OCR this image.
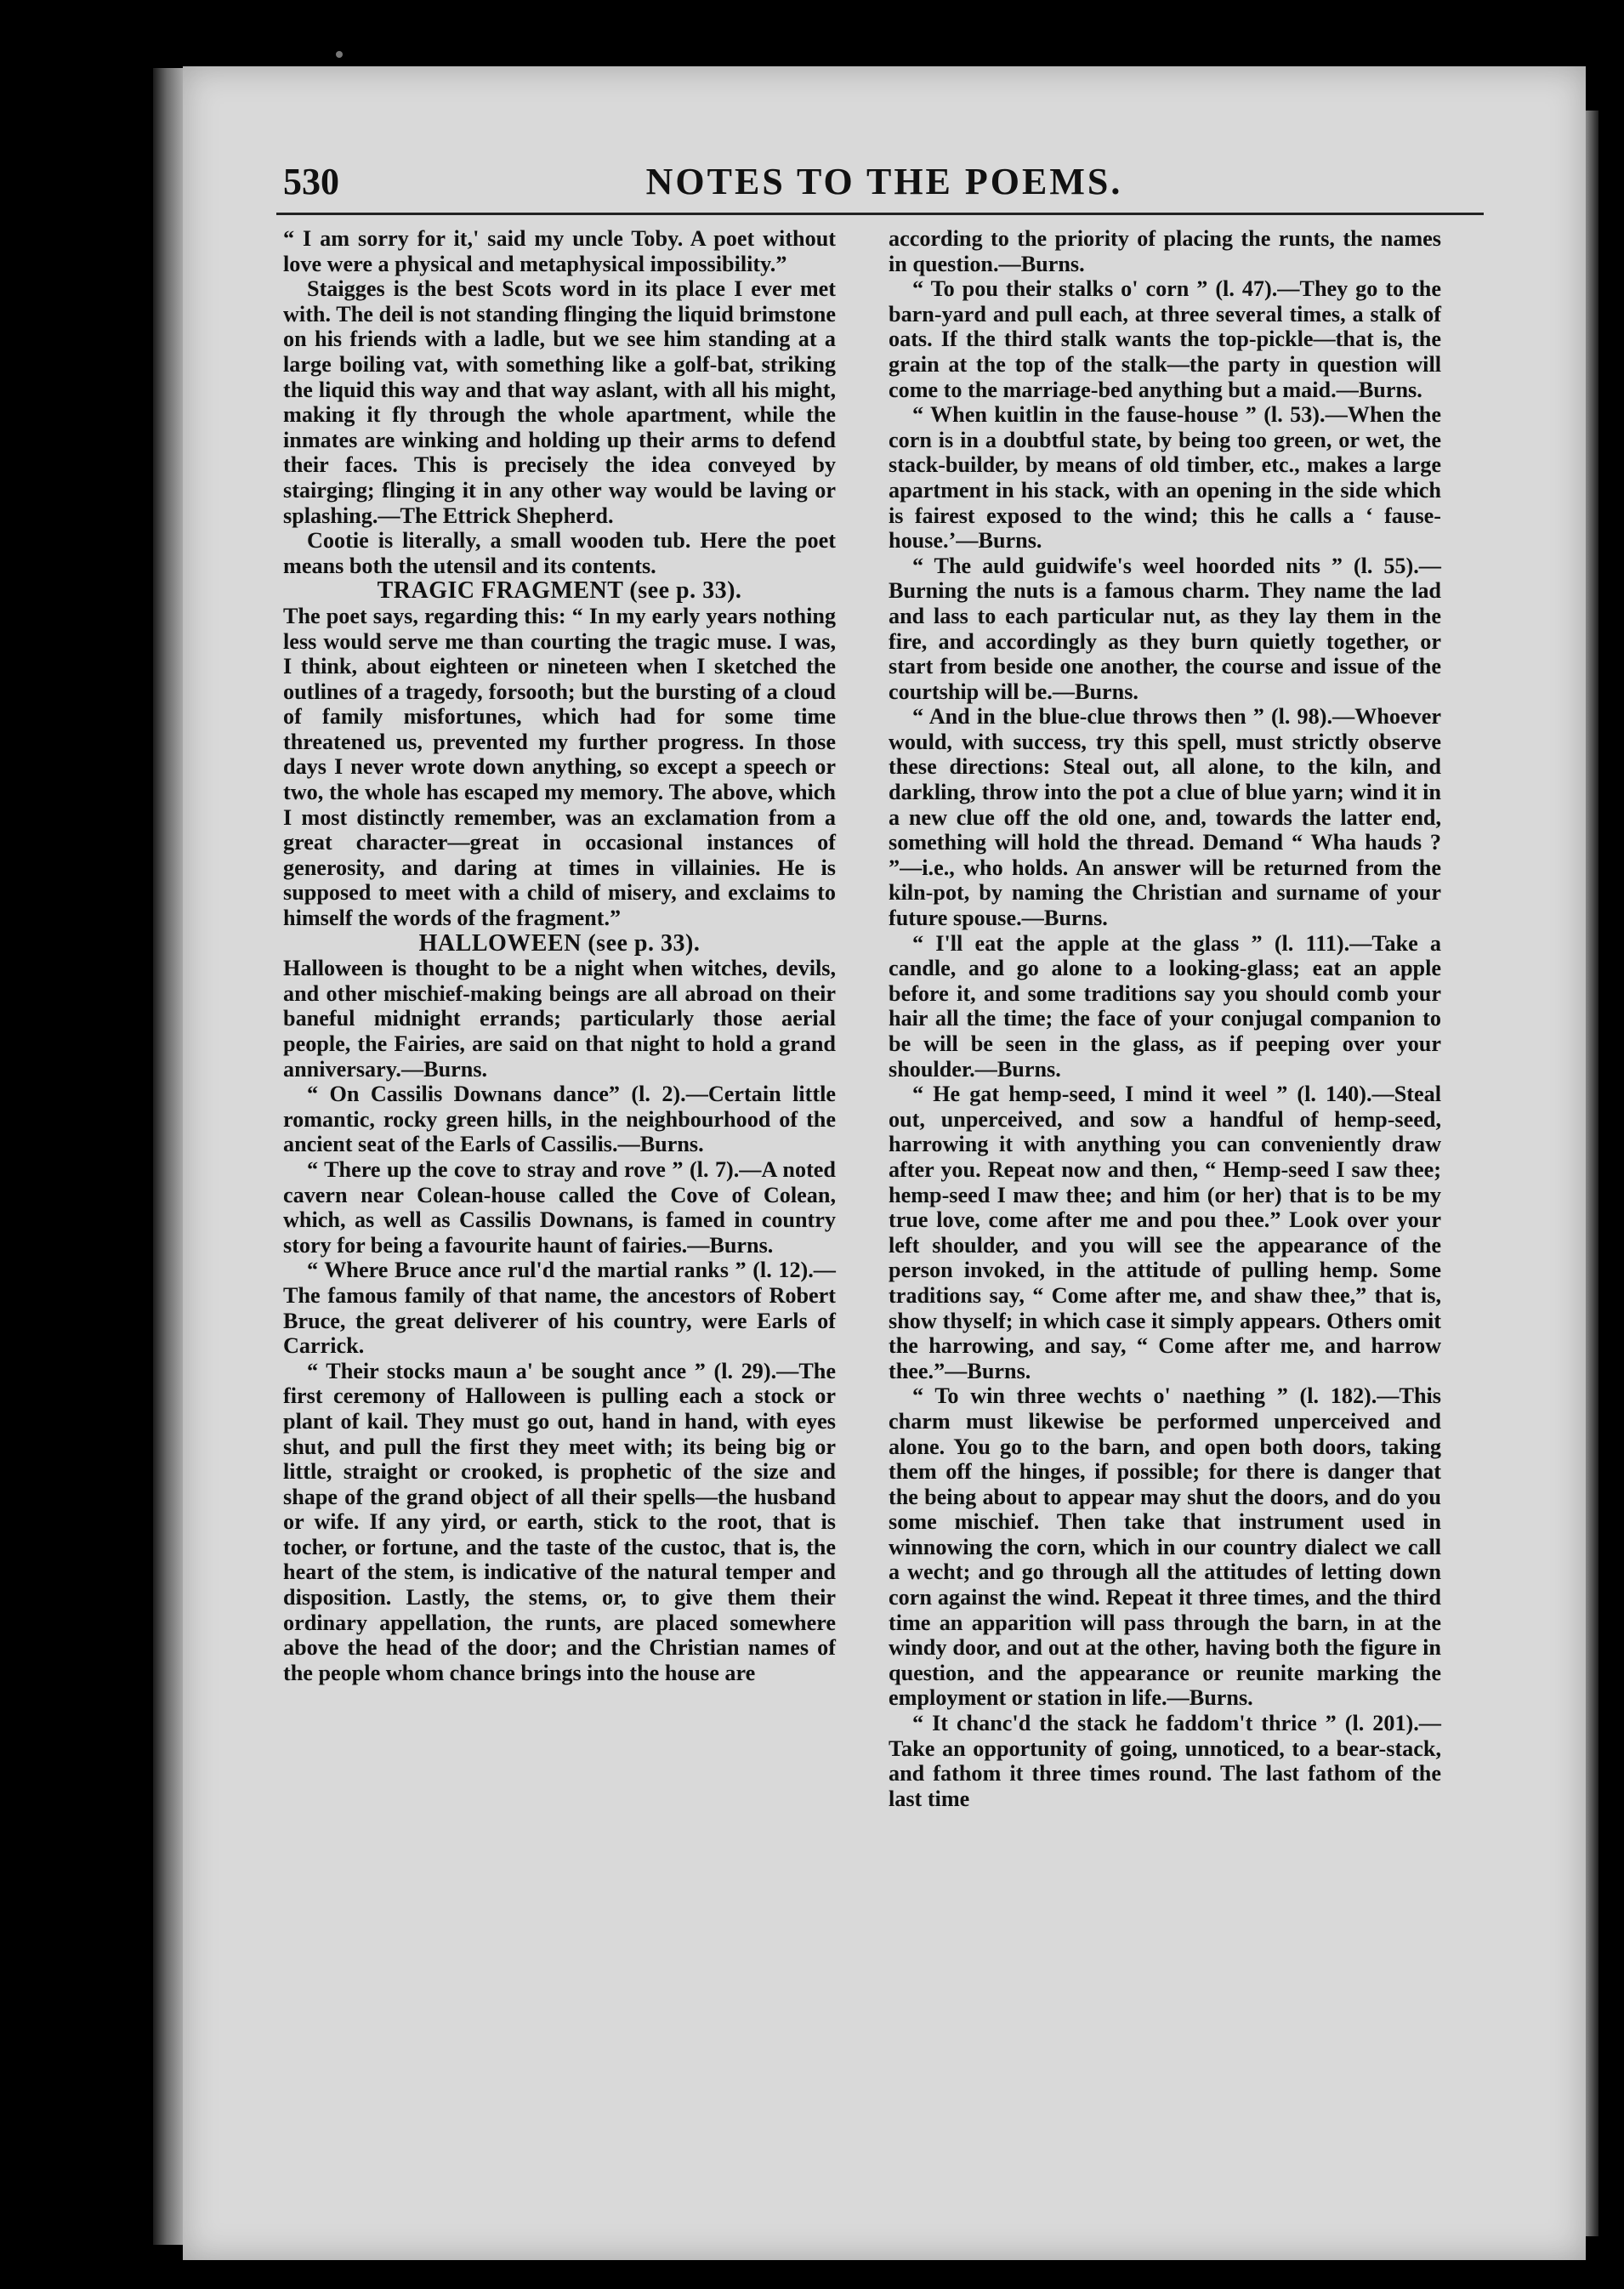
530	NOTES TO THE POEMS.

“ I am sorry for it,' said my uncle Toby. A poet without love were a physical and metaphysical impossibility.”

Staigges is the best Scots word in its place I ever met with. The deil is not standing flinging the liquid brimstone on his friends with a ladle, but we see him standing at a large boiling vat, with something like a golf-bat, striking the liquid this way and that way aslant, with all his might, making it fly through the whole apartment, while the inmates are winking and holding up their arms to defend their faces. This is precisely the idea conveyed by stairging; flinging it in any other way would be laving or splashing.—The Ettrick Shepherd.

Cootie is literally, a small wooden tub. Here the poet means both the utensil and its contents.

TRAGIC FRAGMENT (see p. 33).

The poet says, regarding this: “ In my early years nothing less would serve me than courting the tragic muse. I was, I think, about eighteen or nineteen when I sketched the outlines of a tragedy, forsooth; but the bursting of a cloud of family misfortunes, which had for some time threatened us, prevented my further progress. In those days I never wrote down anything, so except a speech or two, the whole has escaped my memory. The above, which I most distinctly remember, was an exclamation from a great character—great in occasional instances of generosity, and daring at times in villainies. He is supposed to meet with a child of misery, and exclaims to himself the words of the fragment.”

HALLOWEEN (see p. 33).

Halloween is thought to be a night when witches, devils, and other mischief-making beings are all abroad on their baneful midnight errands; particularly those aerial people, the Fairies, are said on that night to hold a grand anniversary.—Burns.

“ On Cassilis Downans dance” (l. 2).—Certain little romantic, rocky green hills, in the neighbourhood of the ancient seat of the Earls of Cassilis.—Burns.

“ There up the cove to stray and rove ” (l. 7).—A noted cavern near Colean-house called the Cove of Colean, which, as well as Cassilis Downans, is famed in country story for being a favourite haunt of fairies.—Burns.

“ Where Bruce ance rul'd the martial ranks ” (l. 12).—The famous family of that name, the ancestors of Robert Bruce, the great deliverer of his country, were Earls of Carrick.

“ Their stocks maun a' be sought ance ” (l. 29).—The first ceremony of Halloween is pulling each a stock or plant of kail. They must go out, hand in hand, with eyes shut, and pull the first they meet with; its being big or little, straight or crooked, is prophetic of the size and shape of the grand object of all their spells—the husband or wife. If any yird, or earth, stick to the root, that is tocher, or fortune, and the taste of the custoc, that is, the heart of the stem, is indicative of the natural temper and disposition. Lastly, the stems, or, to give them their ordinary appellation, the runts, are placed somewhere above the head of the door; and the Christian names of the people whom chance brings into the house are

according to the priority of placing the runts, the names in question.—Burns.

“ To pou their stalks o' corn ” (l. 47).—They go to the barn-yard and pull each, at three several times, a stalk of oats. If the third stalk wants the top-pickle—that is, the grain at the top of the stalk—the party in question will come to the marriage-bed anything but a maid.—Burns.

“ When kuitlin in the fause-house ” (l. 53).—When the corn is in a doubtful state, by being too green, or wet, the stack-builder, by means of old timber, etc., makes a large apartment in his stack, with an opening in the side which is fairest exposed to the wind; this he calls a ‘ fause-house.’—Burns.

“ The auld guidwife's weel hoorded nits ” (l. 55).—Burning the nuts is a famous charm. They name the lad and lass to each particular nut, as they lay them in the fire, and accordingly as they burn quietly together, or start from beside one another, the course and issue of the courtship will be.—Burns.

“ And in the blue-clue throws then ” (l. 98).—Whoever would, with success, try this spell, must strictly observe these directions: Steal out, all alone, to the kiln, and darkling, throw into the pot a clue of blue yarn; wind it in a new clue off the old one, and, towards the latter end, something will hold the thread. Demand “ Wha hauds ? ”—i.e., who holds. An answer will be returned from the kiln-pot, by naming the Christian and surname of your future spouse.—Burns.

“ I'll eat the apple at the glass ” (l. 111).—Take a candle, and go alone to a looking-glass; eat an apple before it, and some traditions say you should comb your hair all the time; the face of your conjugal companion to be will be seen in the glass, as if peeping over your shoulder.—Burns.

“ He gat hemp-seed, I mind it weel ” (l. 140).—Steal out, unperceived, and sow a handful of hemp-seed, harrowing it with anything you can conveniently draw after you. Repeat now and then, “ Hemp-seed I saw thee; hemp-seed I maw thee; and him (or her) that is to be my true love, come after me and pou thee.” Look over your left shoulder, and you will see the appearance of the person invoked, in the attitude of pulling hemp. Some traditions say, “ Come after me, and shaw thee,” that is, show thyself; in which case it simply appears. Others omit the harrowing, and say, “ Come after me, and harrow thee.”—Burns.

“ To win three wechts o' naething ” (l. 182).—This charm must likewise be performed unperceived and alone. You go to the barn, and open both doors, taking them off the hinges, if possible; for there is danger that the being about to appear may shut the doors, and do you some mischief. Then take that instrument used in winnowing the corn, which in our country dialect we call a wecht; and go through all the attitudes of letting down corn against the wind. Repeat it three times, and the third time an apparition will pass through the barn, in at the windy door, and out at the other, having both the figure in question, and the appearance or reunite marking the employment or station in life.—Burns.

“ It chanc'd the stack he faddom't thrice ” (l. 201).—Take an opportunity of going, unnoticed, to a bear-stack, and fathom it three times round. The last fathom of the last time
